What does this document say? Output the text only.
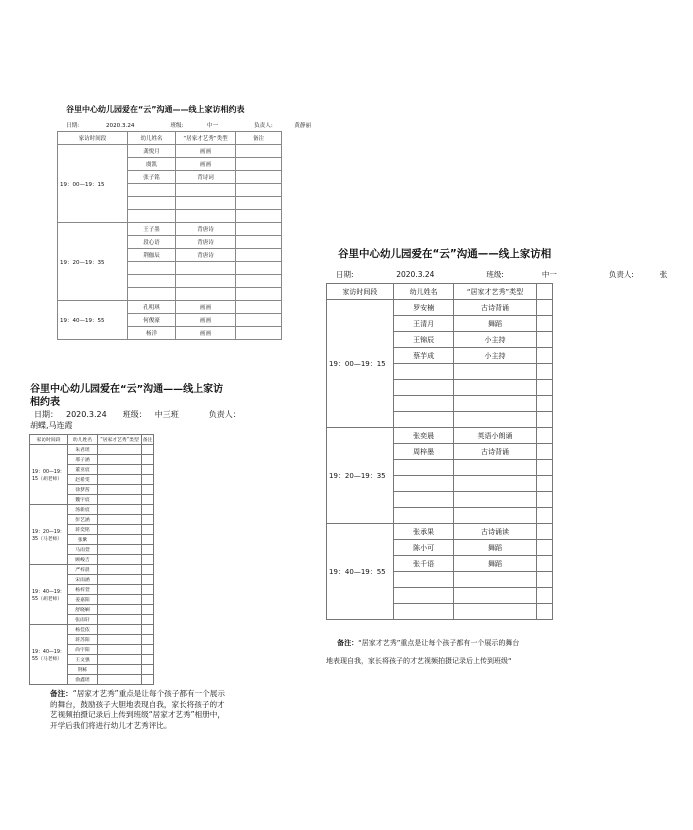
谷里中心幼儿园爱在“云”沟通——线上家访相约表
日期:	2020.3.24	班级:	中一	负责人:	黄静丽
家访时间段	幼儿姓名	“居家才艺秀”类型	备注
19：00—19：15	龚悦月	画画	
	虞凯	画画	
	张子铭	背诗词	

19：20—19：35	王子墨	背唐诗	
	段心语	背唐诗	
	荆伽辰	背唐诗	

19：40—19：55	孔明琪	画画	
	何俊濠	画画	
	杨洋	画画	
谷里中心幼儿园爱在“云”沟通——线上家访相约表
日期： 2020.3.24	班级： 中三班	负责人：
胡蝶,马连霞
家访时间段	幼儿姓名	“居家才艺秀”类型	备注
19：00—19：15（胡老师）	朱君瑶		
	邢子涵		
	董亚宸		
	赵希雯		
	徐梦茜		
	魏宇宸		
19：20—19：35（马老师）	汤新宸		
	彭艺涵		
	蒋奕铭		
	张紫		
	马雨萱		
	顾峻吉		
19：40—19：55（胡老师）	严梓晨		
	宋雨涵		
	杨梓萱		
	姜嘉阳		
	舒晓娴		
	张雨轩		
19：40—19：55（马老师）	杨佳依		
	蒋苏阳		
	尚宇阳		
	王文强		
	荆栋		
	俞鑫瑶		
备注：“居家才艺秀”重点是让每个孩子都有一个展示的舞台，鼓励孩子大胆地表现自我，家长将孩子的才艺视频拍摄记录后上传到班级“居家才艺秀”相册中，开学后我们将进行幼儿才艺秀评比。
谷里中心幼儿园爱在“云”沟通——线上家访相
日期:	2020.3.24	班级:	中一	负责人:	张
家访时间段	幼儿姓名	“居家才艺秀”类型	
19：00—19：15	罗安楠	古诗背诵	
	王清月	舞蹈	
	王锦辰	小主持	
	蔡芋成	小主持	

19：20—19：35	张奕晨	英语小朗诵	
	周梓墨	古诗背诵	

19：40—19：55	张承果	古诗诵读	
	陈小可	舞蹈	
	张千语	舞蹈	

备注：“居家才艺秀”重点是让每个孩子都有一个展示的舞台
地表现自我，家长将孩子的才艺视频拍摄记录后上传到班级“
